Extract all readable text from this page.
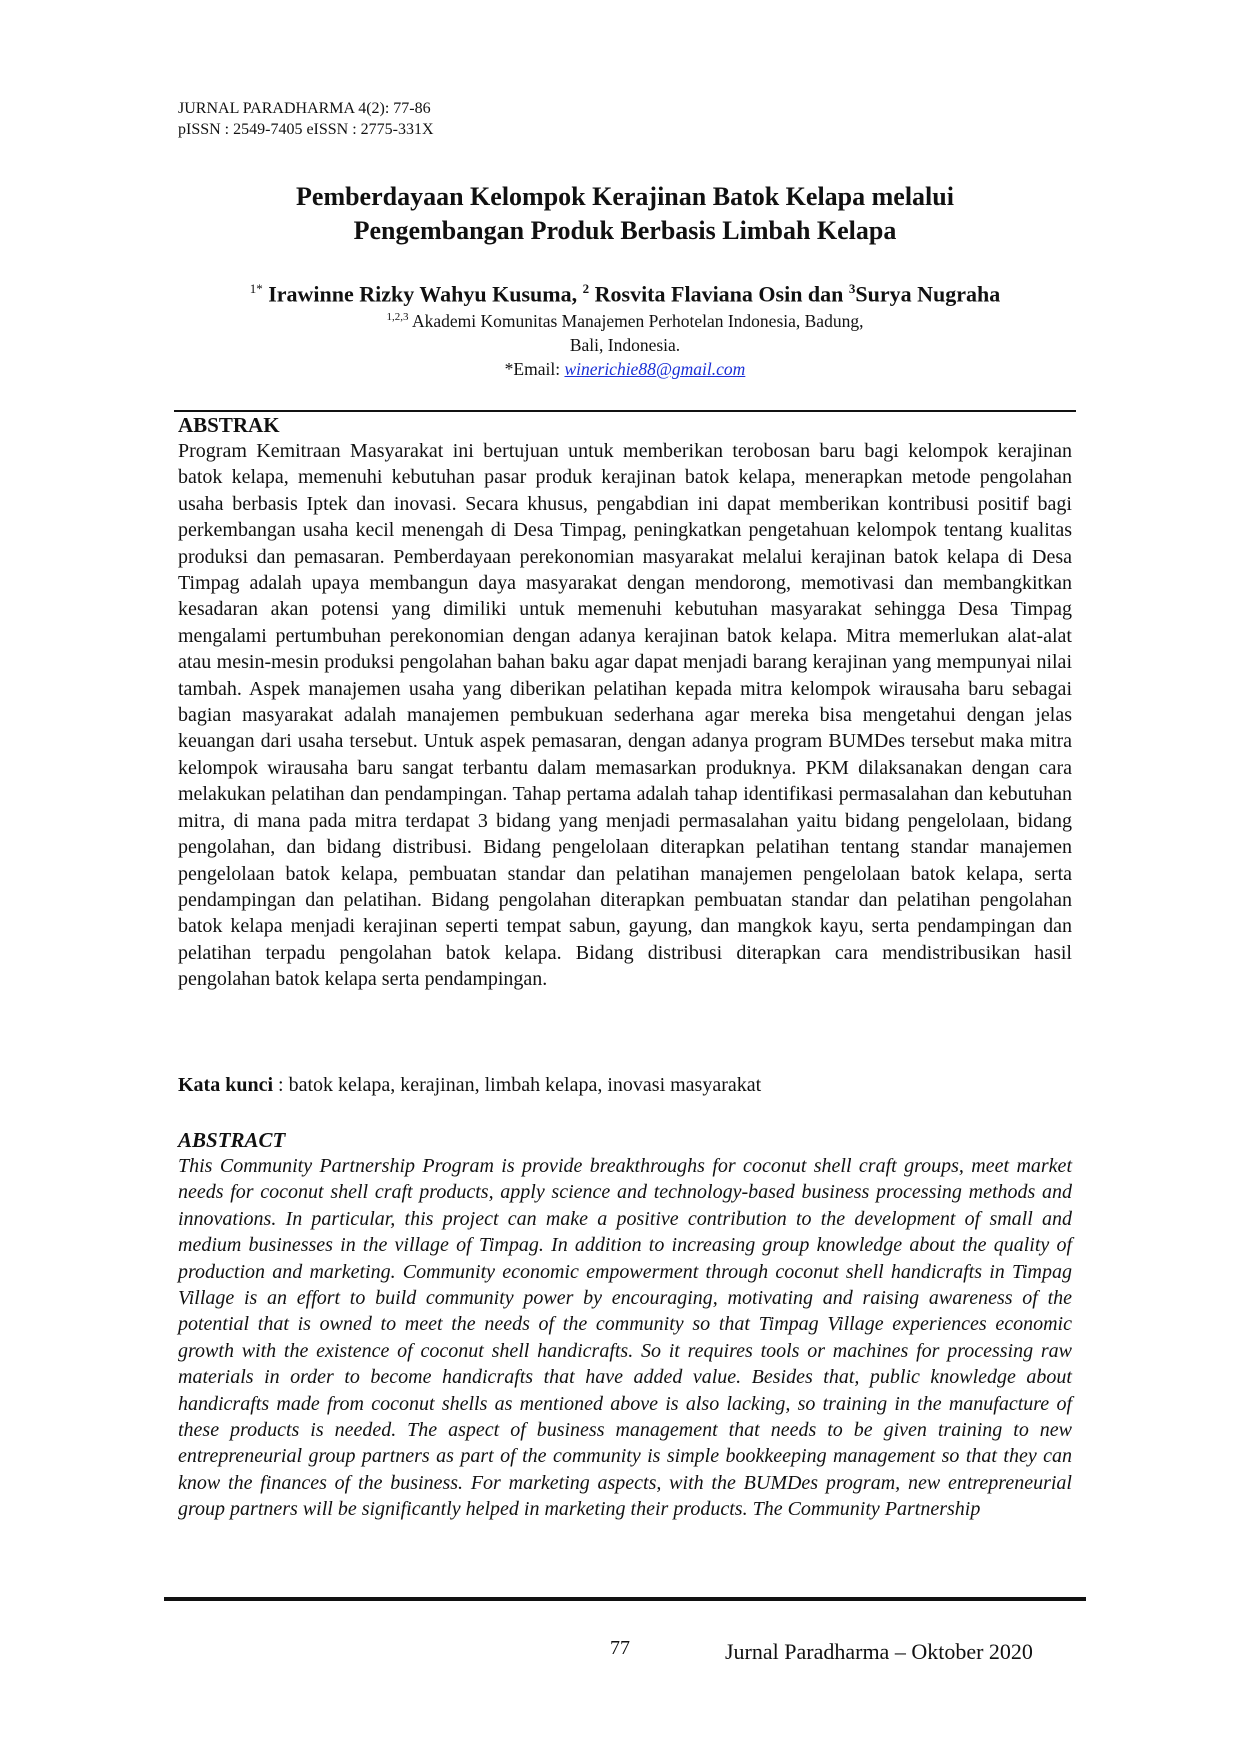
JURNAL PARADHARMA 4(2): 77-86
pISSN : 2549-7405 eISSN : 2775-331X
Pemberdayaan Kelompok Kerajinan Batok Kelapa melalui
Pengembangan Produk Berbasis Limbah Kelapa
$^{1*}$ Irawinne Rizky Wahyu Kusuma, $^2$ Rosvita Flaviana Osin dan $^3$Surya Nugraha
$^{1,2,3}$ Akademi Komunitas Manajemen Perhotelan Indonesia, Badung,
Bali, Indonesia.
*Email: winerichie88@gmail.com
ABSTRAK
Program Kemitraan Masyarakat ini bertujuan untuk memberikan terobosan baru bagi kelompok kerajinan batok kelapa, memenuhi kebutuhan pasar produk kerajinan batok kelapa, menerapkan metode pengolahan usaha berbasis Iptek dan inovasi. Secara khusus, pengabdian ini dapat memberikan kontribusi positif bagi perkembangan usaha kecil menengah di Desa Timpag, peningkatkan pengetahuan kelompok tentang kualitas produksi dan pemasaran. Pemberdayaan perekonomian masyarakat melalui kerajinan batok kelapa di Desa Timpag adalah upaya membangun daya masyarakat dengan mendorong, memotivasi dan membangkitkan kesadaran akan potensi yang dimiliki untuk memenuhi kebutuhan masyarakat sehingga Desa Timpag mengalami pertumbuhan perekonomian dengan adanya kerajinan batok kelapa. Mitra memerlukan alat-alat atau mesin-mesin produksi pengolahan bahan baku agar dapat menjadi barang kerajinan yang mempunyai nilai tambah. Aspek manajemen usaha yang diberikan pelatihan kepada mitra kelompok wirausaha baru sebagai bagian masyarakat adalah manajemen pembukuan sederhana agar mereka bisa mengetahui dengan jelas keuangan dari usaha tersebut. Untuk aspek pemasaran, dengan adanya program BUMDes tersebut maka mitra kelompok wirausaha baru sangat terbantu dalam memasarkan produknya. PKM dilaksanakan dengan cara melakukan pelatihan dan pendampingan. Tahap pertama adalah tahap identifikasi permasalahan dan kebutuhan mitra, di mana pada mitra terdapat 3 bidang yang menjadi permasalahan yaitu bidang pengelolaan, bidang pengolahan, dan bidang distribusi. Bidang pengelolaan diterapkan pelatihan tentang standar manajemen pengelolaan batok kelapa, pembuatan standar dan pelatihan manajemen pengelolaan batok kelapa, serta pendampingan dan pelatihan. Bidang pengolahan diterapkan pembuatan standar dan pelatihan pengolahan batok kelapa menjadi kerajinan seperti tempat sabun, gayung, dan mangkok kayu, serta pendampingan dan pelatihan terpadu pengolahan batok kelapa. Bidang distribusi diterapkan cara mendistribusikan hasil pengolahan batok kelapa serta pendampingan.
Kata kunci : batok kelapa, kerajinan, limbah kelapa, inovasi masyarakat
ABSTRACT
This Community Partnership Program is provide breakthroughs for coconut shell craft groups, meet market needs for coconut shell craft products, apply science and technology-based business processing methods and innovations. In particular, this project can make a positive contribution to the development of small and medium businesses in the village of Timpag. In addition to increasing group knowledge about the quality of production and marketing. Community economic empowerment through coconut shell handicrafts in Timpag Village is an effort to build community power by encouraging, motivating and raising awareness of the potential that is owned to meet the needs of the community so that Timpag Village experiences economic growth with the existence of coconut shell handicrafts. So it requires tools or machines for processing raw materials in order to become handicrafts that have added value. Besides that, public knowledge about handicrafts made from coconut shells as mentioned above is also lacking, so training in the manufacture of these products is needed. The aspect of business management that needs to be given training to new entrepreneurial group partners as part of the community is simple bookkeeping management so that they can know the finances of the business. For marketing aspects, with the BUMDes program, new entrepreneurial group partners will be significantly helped in marketing their products. The Community Partnership
77	Jurnal Paradharma – Oktober 2020
